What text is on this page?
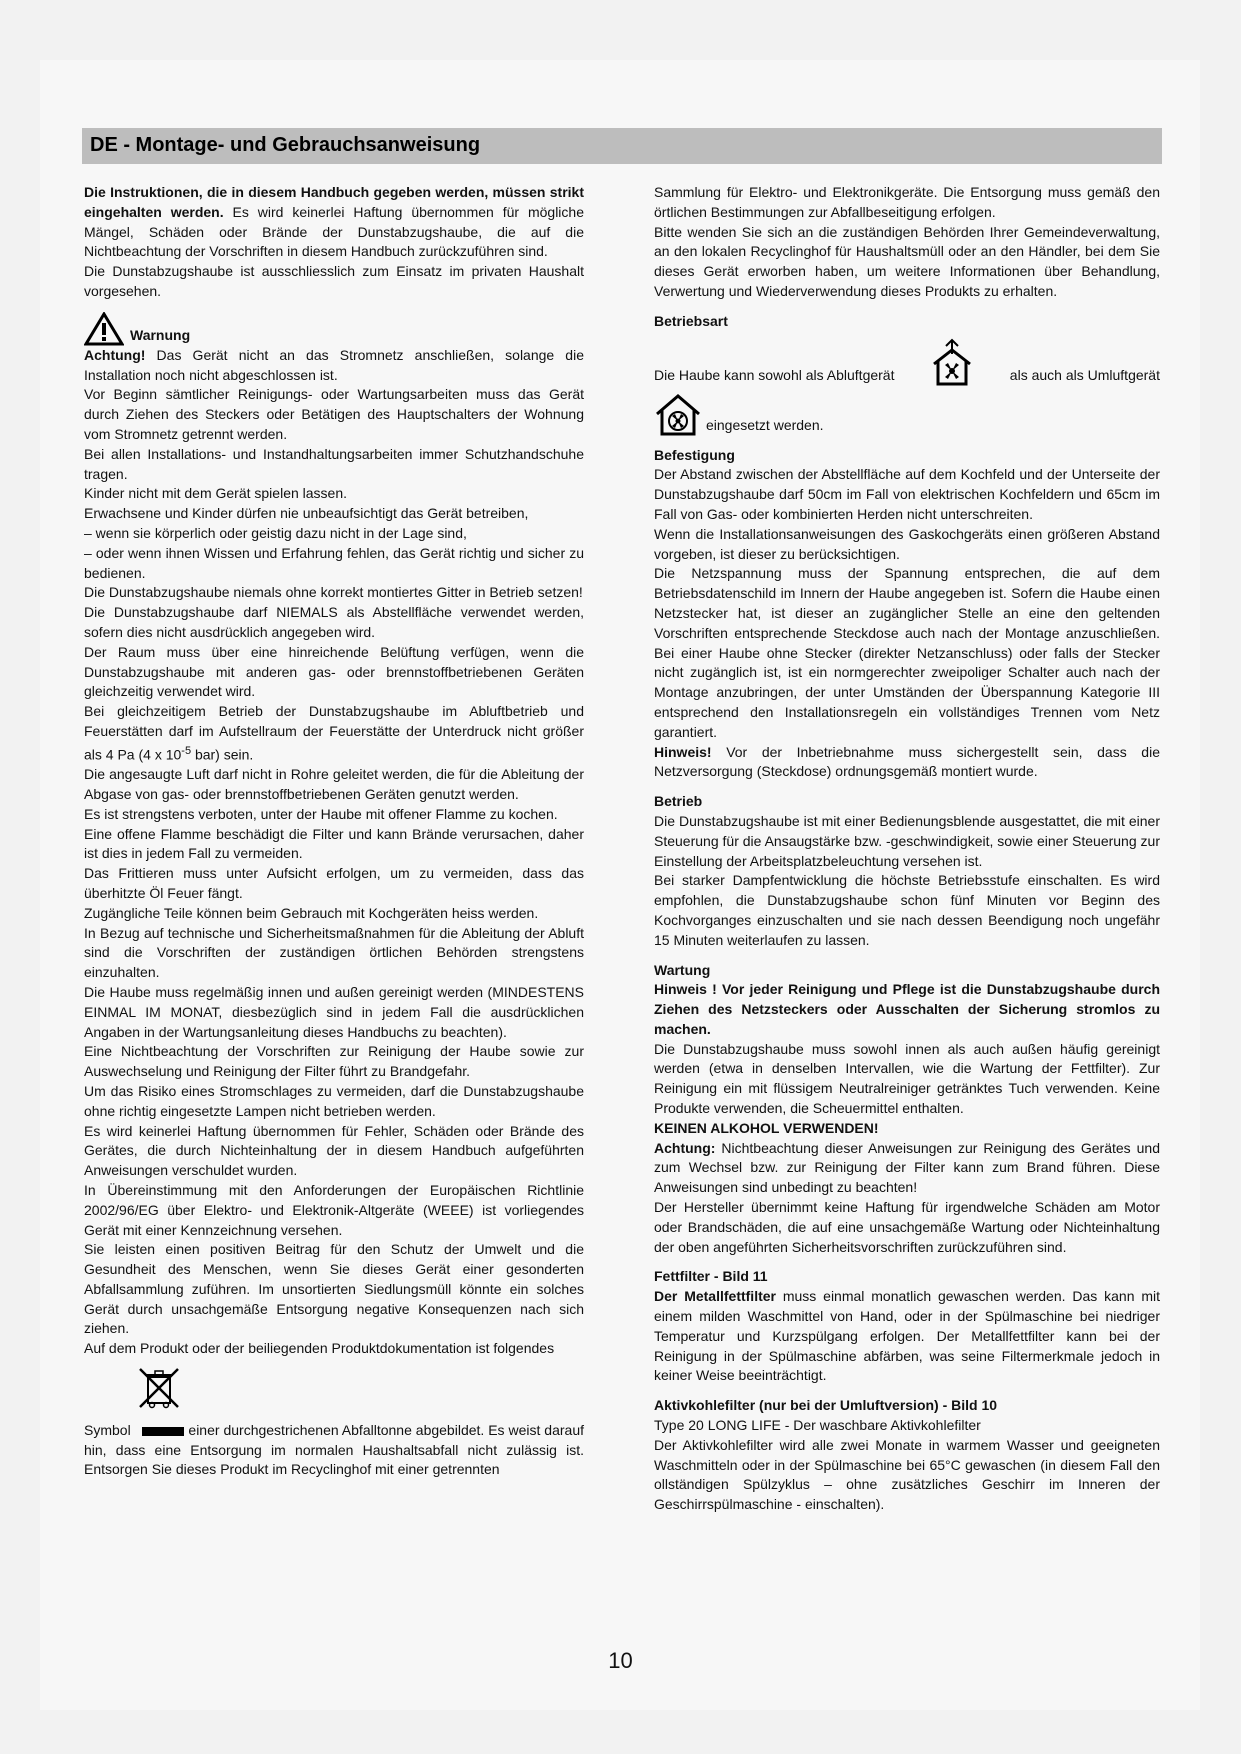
DE - Montage- und Gebrauchsanweisung

Die Instruktionen, die in diesem Handbuch gegeben werden, müssen strikt eingehalten werden. Es wird keinerlei Haftung übernommen für mögliche Mängel, Schäden oder Brände der Dunstabzugshaube, die auf die Nichtbeachtung der Vorschriften in diesem Handbuch zurückzuführen sind.

Die Dunstabzugshaube ist ausschliesslich zum Einsatz im privaten Haushalt vorgesehen.

Warnung

Achtung! Das Gerät nicht an das Stromnetz anschließen, solange die Installation noch nicht abgeschlossen ist.

Vor Beginn sämtlicher Reinigungs- oder Wartungsarbeiten muss das Gerät durch Ziehen des Steckers oder Betätigen des Hauptschalters der Wohnung vom Stromnetz getrennt werden.

Bei allen Installations- und Instandhaltungsarbeiten immer Schutzhandschuhe tragen.

Kinder nicht mit dem Gerät spielen lassen.

Erwachsene und Kinder dürfen nie unbeaufsichtigt das Gerät betreiben,

– wenn sie körperlich oder geistig dazu nicht in der Lage sind,

– oder wenn ihnen Wissen und Erfahrung fehlen, das Gerät richtig und sicher zu bedienen.

Die Dunstabzugshaube niemals ohne korrekt montiertes Gitter in Betrieb setzen!

Die Dunstabzugshaube darf NIEMALS als Abstellfläche verwendet werden, sofern dies nicht ausdrücklich angegeben wird.

Der Raum muss über eine hinreichende Belüftung verfügen, wenn die Dunstabzugshaube mit anderen gas- oder brennstoffbetriebenen Geräten gleichzeitig verwendet wird.

Bei gleichzeitigem Betrieb der Dunstabzugshaube im Abluftbetrieb und Feuerstätten darf im Aufstellraum der Feuerstätte der Unterdruck nicht größer als 4 Pa (4 x $10^{-5}$ bar) sein.

Die angesaugte Luft darf nicht in Rohre geleitet werden, die für die Ableitung der Abgase von gas- oder brennstoffbetriebenen Geräten genutzt werden.

Es ist strengstens verboten, unter der Haube mit offener Flamme zu kochen.

Eine offene Flamme beschädigt die Filter und kann Brände verursachen, daher ist dies in jedem Fall zu vermeiden.

Das Frittieren muss unter Aufsicht erfolgen, um zu vermeiden, dass das überhitzte Öl Feuer fängt.

Zugängliche Teile können beim Gebrauch mit Kochgeräten heiss werden.

In Bezug auf technische und Sicherheitsmaßnahmen für die Ableitung der Abluft sind die Vorschriften der zuständigen örtlichen Behörden strengstens einzuhalten.

Die Haube muss regelmäßig innen und außen gereinigt werden (MINDESTENS EINMAL IM MONAT, diesbezüglich sind in jedem Fall die ausdrücklichen Angaben in der Wartungsanleitung dieses Handbuchs zu beachten).

Eine Nichtbeachtung der Vorschriften zur Reinigung der Haube sowie zur Auswechselung und Reinigung der Filter führt zu Brandgefahr.

Um das Risiko eines Stromschlages zu vermeiden, darf die Dunstabzugshaube ohne richtig eingesetzte Lampen nicht betrieben werden.

Es wird keinerlei Haftung übernommen für Fehler, Schäden oder Brände des Gerätes, die durch Nichteinhaltung der in diesem Handbuch aufgeführten Anweisungen verschuldet wurden.

In Übereinstimmung mit den Anforderungen der Europäischen Richtlinie 2002/96/EG über Elektro- und Elektronik-Altgeräte (WEEE) ist vorliegendes Gerät mit einer Kennzeichnung versehen.

Sie leisten einen positiven Beitrag für den Schutz der Umwelt und die Gesundheit des Menschen, wenn Sie dieses Gerät einer gesonderten Abfallsammlung zuführen. Im unsortierten Siedlungsmüll könnte ein solches Gerät durch unsachgemäße Entsorgung negative Konsequenzen nach sich ziehen.

Auf dem Produkt oder der beiliegenden Produktdokumentation ist folgendes

Symbol	einer durchgestrichenen Abfalltonne abgebildet. Es weist darauf hin, dass eine Entsorgung im normalen Haushaltsabfall nicht zulässig ist. Entsorgen Sie dieses Produkt im Recyclinghof mit einer getrennten

Sammlung für Elektro- und Elektronikgeräte. Die Entsorgung muss gemäß den örtlichen Bestimmungen zur Abfallbeseitigung erfolgen.

Bitte wenden Sie sich an die zuständigen Behörden Ihrer Gemeindeverwaltung, an den lokalen Recyclinghof für Haushaltsmüll oder an den Händler, bei dem Sie dieses Gerät erworben haben, um weitere Informationen über Behandlung, Verwertung und Wiederverwendung dieses Produkts zu erhalten.

Betriebsart

Die Haube kann sowohl als Abluftgerät	als auch als Umluftgerät
eingesetzt werden.

Befestigung

Der Abstand zwischen der Abstellfläche auf dem Kochfeld und der Unterseite der Dunstabzugshaube darf 50cm im Fall von elektrischen Kochfeldern und 65cm im Fall von Gas- oder kombinierten Herden nicht unterschreiten.

Wenn die Installationsanweisungen des Gaskochgeräts einen größeren Abstand vorgeben, ist dieser zu berücksichtigen.

Die Netzspannung muss der Spannung entsprechen, die auf dem Betriebsdatenschild im Innern der Haube angegeben ist. Sofern die Haube einen Netzstecker hat, ist dieser an zugänglicher Stelle an eine den geltenden Vorschriften entsprechende Steckdose auch nach der Montage anzuschließen. Bei einer Haube ohne Stecker (direkter Netzanschluss) oder falls der Stecker nicht zugänglich ist, ist ein normgerechter zweipoliger Schalter auch nach der Montage anzubringen, der unter Umständen der Überspannung Kategorie III entsprechend den Installationsregeln ein vollständiges Trennen vom Netz garantiert.

Hinweis! Vor der Inbetriebnahme muss sichergestellt sein, dass die Netzversorgung (Steckdose) ordnungsgemäß montiert wurde.

Betrieb

Die Dunstabzugshaube ist mit einer Bedienungsblende ausgestattet, die mit einer Steuerung für die Ansaugstärke bzw. -geschwindigkeit, sowie einer Steuerung zur Einstellung der Arbeitsplatzbeleuchtung versehen ist.

Bei starker Dampfentwicklung die höchste Betriebsstufe einschalten. Es wird empfohlen, die Dunstabzugshaube schon fünf Minuten vor Beginn des Kochvorganges einzuschalten und sie nach dessen Beendigung noch ungefähr 15 Minuten weiterlaufen zu lassen.

Wartung

Hinweis ! Vor jeder Reinigung und Pflege ist die Dunstabzugshaube durch Ziehen des Netzsteckers oder Ausschalten der Sicherung stromlos zu machen.

Die Dunstabzugshaube muss sowohl innen als auch außen häufig gereinigt werden (etwa in denselben Intervallen, wie die Wartung der Fettfilter). Zur Reinigung ein mit flüssigem Neutralreiniger getränktes Tuch verwenden. Keine Produkte verwenden, die Scheuermittel enthalten.

KEINEN ALKOHOL VERWENDEN!

Achtung: Nichtbeachtung dieser Anweisungen zur Reinigung des Gerätes und zum Wechsel bzw. zur Reinigung der Filter kann zum Brand führen. Diese Anweisungen sind unbedingt zu beachten!

Der Hersteller übernimmt keine Haftung für irgendwelche Schäden am Motor oder Brandschäden, die auf eine unsachgemäße Wartung oder Nichteinhaltung der oben angeführten Sicherheitsvorschriften zurückzuführen sind.

Fettfilter - Bild 11

Der Metallfettfilter muss einmal monatlich gewaschen werden. Das kann mit einem milden Waschmittel von Hand, oder in der Spülmaschine bei niedriger Temperatur und Kurzspülgang erfolgen. Der Metallfettfilter kann bei der Reinigung in der Spülmaschine abfärben, was seine Filtermerkmale jedoch in keiner Weise beeinträchtigt.

Aktivkohlefilter (nur bei der Umluftversion) - Bild 10

Type 20 LONG LIFE - Der waschbare Aktivkohlefilter

Der Aktivkohlefilter wird alle zwei Monate in warmem Wasser und geeigneten Waschmitteln oder in der Spülmaschine bei 65°C gewaschen (in diesem Fall den ollständigen Spülzyklus – ohne zusätzliches Geschirr im Inneren der Geschirrspülmaschine - einschalten).

10
